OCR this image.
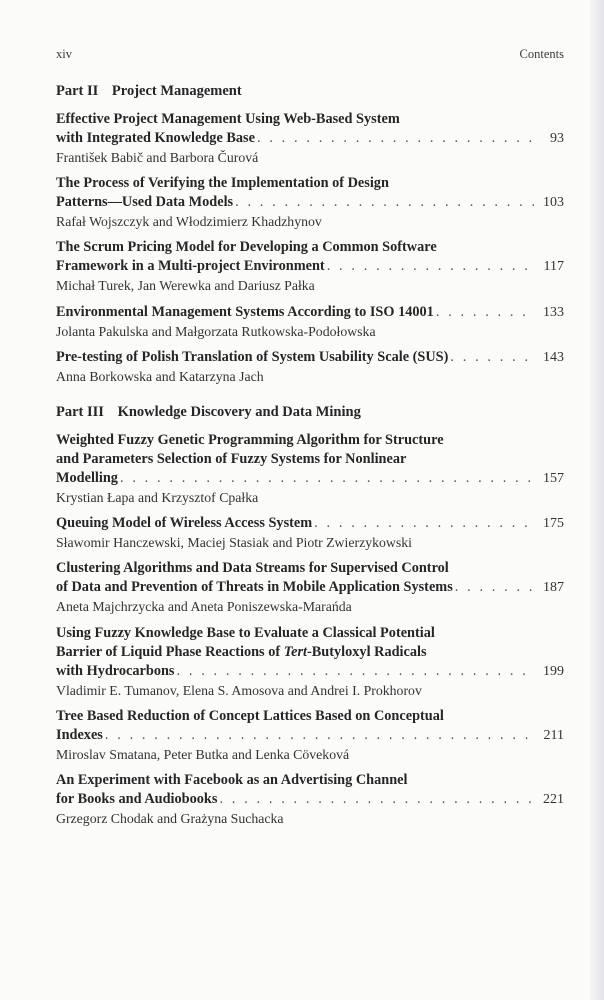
xiv	Contents
Part II Project Management
Effective Project Management Using Web-Based System
with Integrated Knowledge Base . . .	93
František Babič and Barbora Čurová
The Process of Verifying the Implementation of Design
Patterns—Used Data Models . . .	103
Rafał Wojszczyk and Włodzimierz Khadzhynov
The Scrum Pricing Model for Developing a Common Software
Framework in a Multi-project Environment . . .	117
Michał Turek, Jan Werewka and Dariusz Pałka
Environmental Management Systems According to ISO 14001 . . .	133
Jolanta Pakulska and Małgorzata Rutkowska-Podołowska
Pre-testing of Polish Translation of System Usability Scale (SUS) . . .	143
Anna Borkowska and Katarzyna Jach
Part III Knowledge Discovery and Data Mining
Weighted Fuzzy Genetic Programming Algorithm for Structure
and Parameters Selection of Fuzzy Systems for Nonlinear
Modelling . . .	157
Krystian Łapa and Krzysztof Cpałka
Queuing Model of Wireless Access System . . .	175
Sławomir Hanczewski, Maciej Stasiak and Piotr Zwierzykowski
Clustering Algorithms and Data Streams for Supervised Control
of Data and Prevention of Threats in Mobile Application Systems . . .	187
Aneta Majchrzycka and Aneta Poniszewska-Marańda
Using Fuzzy Knowledge Base to Evaluate a Classical Potential
Barrier of Liquid Phase Reactions of Tert-Butyloxyl Radicals
with Hydrocarbons . . .	199
Vladimir E. Tumanov, Elena S. Amosova and Andrei I. Prokhorov
Tree Based Reduction of Concept Lattices Based on Conceptual
Indexes . . .	211
Miroslav Smatana, Peter Butka and Lenka Cöveková
An Experiment with Facebook as an Advertising Channel
for Books and Audiobooks . . .	221
Grzegorz Chodak and Grażyna Suchacka
